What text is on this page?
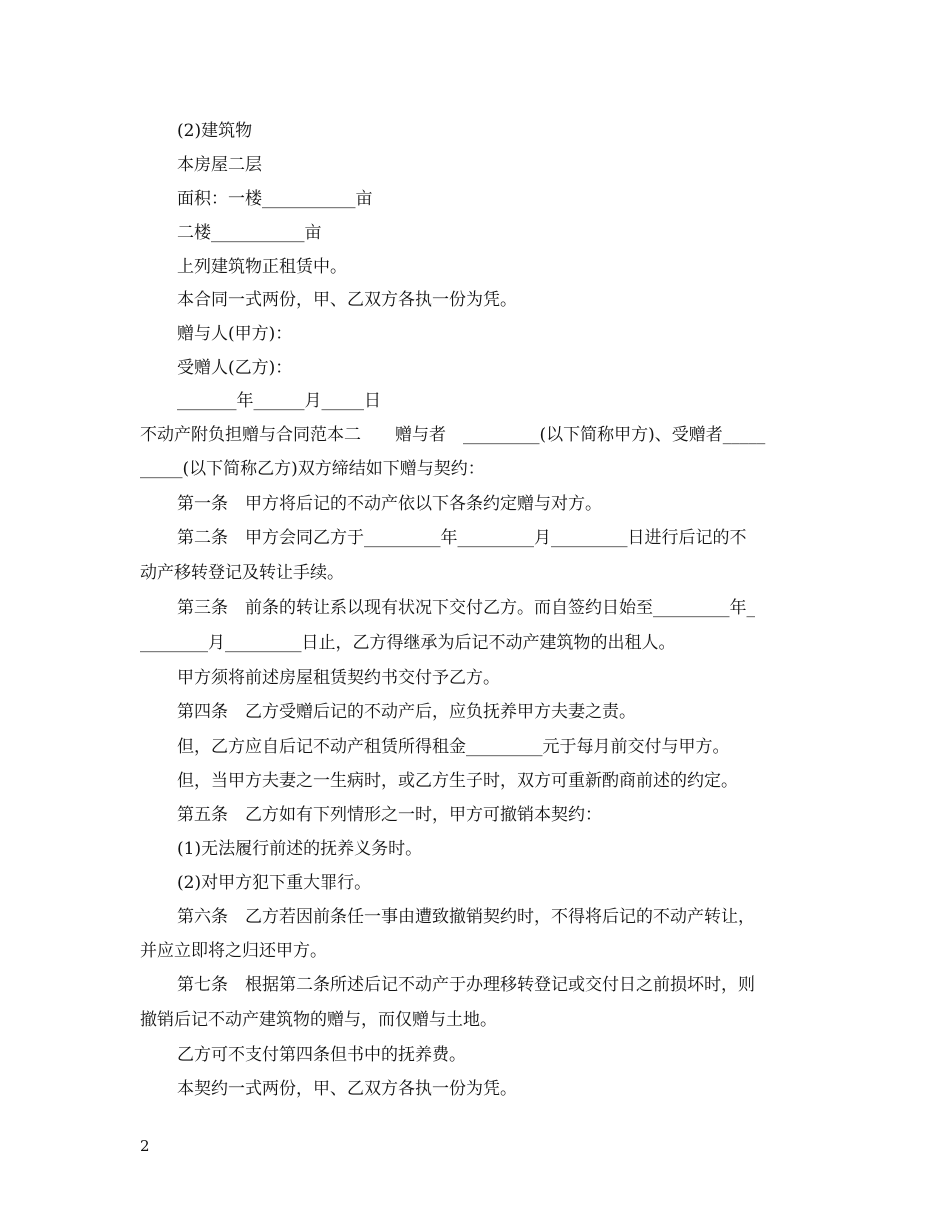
(2)建筑物
本房屋二层
面积：一楼___________亩
二楼___________亩
上列建筑物正租赁中。
本合同一式两份，甲、乙双方各执一份为凭。
赠与人(甲方)：
受赠人(乙方)：
_______年______月_____日
不动产附负担赠与合同范本二　　赠与者　_________(以下简称甲方)、受赠者_____
_____(以下简称乙方)双方缔结如下赠与契约：
第一条　甲方将后记的不动产依以下各条约定赠与对方。
第二条　甲方会同乙方于_________年_________月_________日进行后记的不
动产移转登记及转让手续。
第三条　前条的转让系以现有状况下交付乙方。而自签约日始至_________年_
________月_________日止，乙方得继承为后记不动产建筑物的出租人。
甲方须将前述房屋租赁契约书交付予乙方。
第四条　乙方受赠后记的不动产后，应负抚养甲方夫妻之责。
但，乙方应自后记不动产租赁所得租金_________元于每月前交付与甲方。
但，当甲方夫妻之一生病时，或乙方生子时，双方可重新酌商前述的约定。
第五条　乙方如有下列情形之一时，甲方可撤销本契约：
(1)无法履行前述的抚养义务时。
(2)对甲方犯下重大罪行。
第六条　乙方若因前条任一事由遭致撤销契约时，不得将后记的不动产转让，
并应立即将之归还甲方。
第七条　根据第二条所述后记不动产于办理移转登记或交付日之前损坏时，则
撤销后记不动产建筑物的赠与，而仅赠与土地。
乙方可不支付第四条但书中的抚养费。
本契约一式两份，甲、乙双方各执一份为凭。
2
